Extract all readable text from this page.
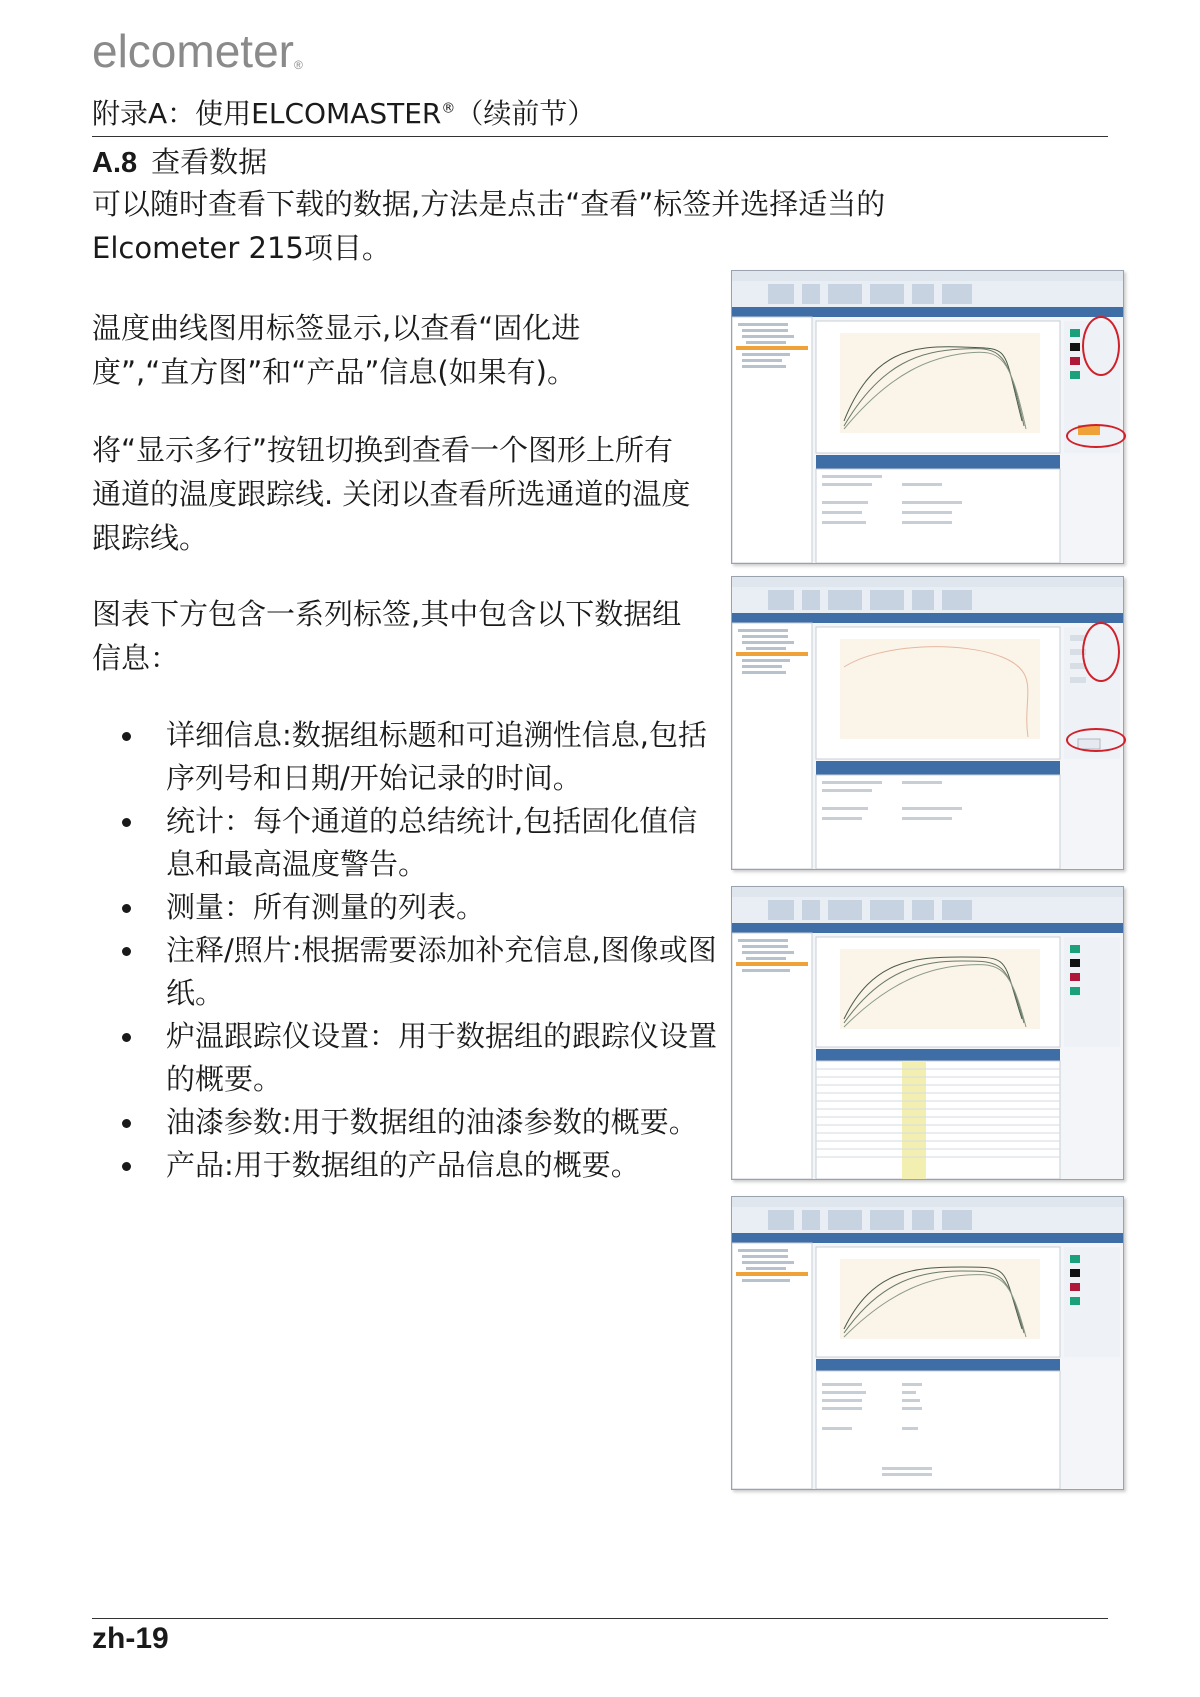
elcometer®
附录A：使用ELCOMASTER®（续前节）
A.8 查看数据
可以随时查看下载的数据,方法是点击“查看”标签并选择适当的Elcometer 215项目。
温度曲线图用标签显示,以查看“固化进度”,“直方图”和“产品”信息(如果有)。
将“显示多行”按钮切换到查看一个图形上所有通道的温度跟踪线. 关闭以查看所选通道的温度跟踪线。
图表下方包含一系列标签,其中包含以下数据组信息：
详细信息:数据组标题和可追溯性信息,包括序列号和日期/开始记录的时间。
统计：每个通道的总结统计,包括固化值信息和最高温度警告。
测量：所有测量的列表。
注释/照片:根据需要添加补充信息,图像或图纸。
炉温跟踪仪设置：用于数据组的跟踪仪设置的概要。
油漆参数:用于数据组的油漆参数的概要。
产品:用于数据组的产品信息的概要。
zh-19
